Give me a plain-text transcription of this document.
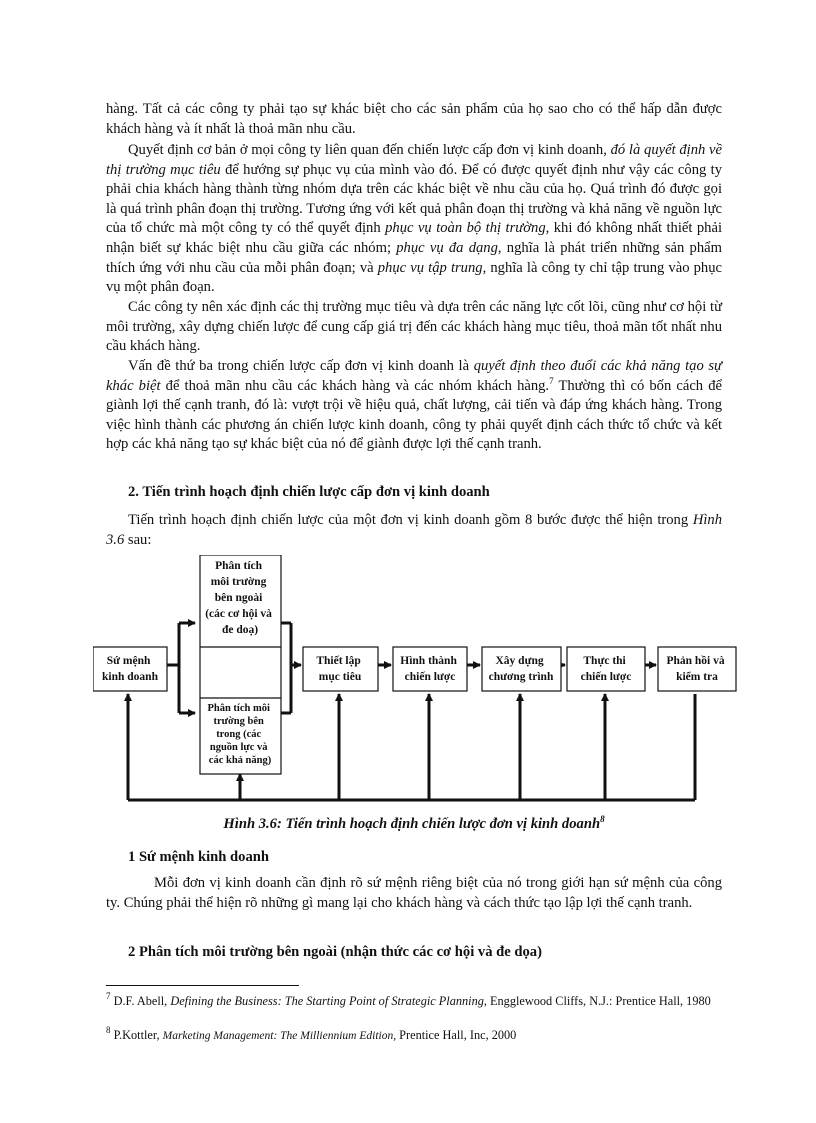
hàng. Tất cả các công ty phải tạo sự khác biệt cho các sản phẩm của họ sao cho có thể hấp dẫn được khách hàng và ít nhất là thoả mãn nhu cầu.

Quyết định cơ bản ở mọi công ty liên quan đến chiến lược cấp đơn vị kinh doanh, đó là quyết định về thị trường mục tiêu để hướng sự phục vụ của mình vào đó. Để có được quyết định như vậy các công ty phải chia khách hàng thành từng nhóm dựa trên các khác biệt về nhu cầu của họ. Quá trình đó được gọi là quá trình phân đoạn thị trường. Tương ứng với kết quả phân đoạn thị trường và khả năng về nguồn lực của tổ chức mà một công ty có thể quyết định phục vụ toàn bộ thị trường, khi đó không nhất thiết phải nhận biết sự khác biệt nhu cầu giữa các nhóm; phục vụ đa dạng, nghĩa là phát triển những sản phẩm thích ứng với nhu cầu của mỗi phân đoạn; và phục vụ tập trung, nghĩa là công ty chỉ tập trung vào phục vụ một phân đoạn.

Các công ty nên xác định các thị trường mục tiêu và dựa trên các năng lực cốt lõi, cũng như cơ hội từ môi trường, xây dựng chiến lược để cung cấp giá trị đến các khách hàng mục tiêu, thoả mãn tốt nhất nhu cầu khách hàng.

Vấn đề thứ ba trong chiến lược cấp đơn vị kinh doanh là quyết định theo đuổi các khả năng tạo sự khác biệt để thoả mãn nhu cầu các khách hàng và các nhóm khách hàng.$^7$ Thường thì có bốn cách để giành lợi thế cạnh tranh, đó là: vượt trội về hiệu quả, chất lượng, cải tiến và đáp ứng khách hàng. Trong việc hình thành các phương án chiến lược kinh doanh, công ty phải quyết định cách thức tổ chức và kết hợp các khả năng tạo sự khác biệt của nó để giành được lợi thế cạnh tranh.

2. Tiến trình hoạch định chiến lược cấp đơn vị kinh doanh

Tiến trình hoạch định chiến lược của một đơn vị kinh doanh gồm 8 bước được thể hiện trong Hình 3.6 sau:

Sứ mệnh kinh doanh
Phân tích môi trường bên ngoài (các cơ hội và đe doạ)
Phân tích môi trường bên trong (các nguồn lực và các khả năng)
Thiết lập mục tiêu
Hình thành chiến lược
Xây dựng chương trình
Thực thi chiến lược
Phản hồi và kiểm tra
Hình 3.6: Tiến trình hoạch định chiến lược đơn vị kinh doanh$^8$

1 Sứ mệnh kinh doanh

Mỗi đơn vị kinh doanh cần định rõ sứ mệnh riêng biệt của nó trong giới hạn sứ mệnh của công ty. Chúng phải thể hiện rõ những gì mang lại cho khách hàng và cách thức tạo lập lợi thế cạnh tranh.

2 Phân tích môi trường bên ngoài (nhận thức các cơ hội và đe dọa)

$^7$ D.F. Abell, Defining the Business: The Starting Point of Strategic Planning, Engglewood Cliffs, N.J.: Prentice Hall, 1980
$^8$ P.Kottler, Marketing Management: The Milliennium Edition, Prentice Hall, Inc, 2000
